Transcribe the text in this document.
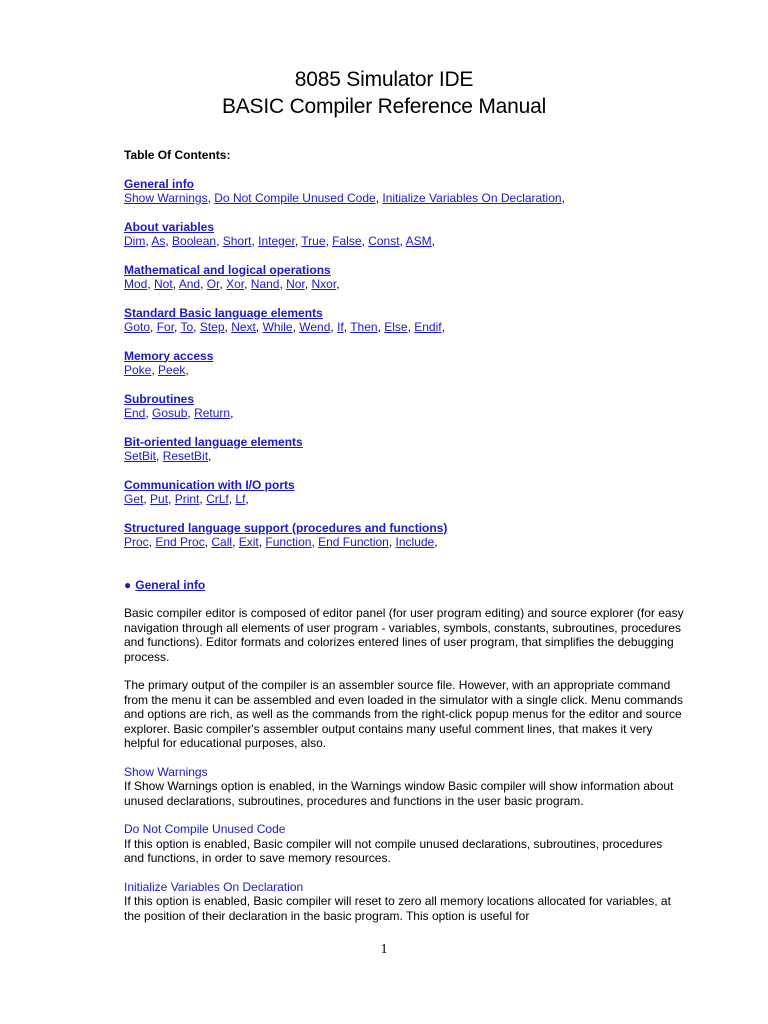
8085 Simulator IDE
BASIC Compiler Reference Manual
Table Of Contents:
General info
Show Warnings, Do Not Compile Unused Code, Initialize Variables On Declaration,
About variables
Dim, As, Boolean, Short, Integer, True, False, Const, ASM,
Mathematical and logical operations
Mod, Not, And, Or, Xor, Nand, Nor, Nxor,
Standard Basic language elements
Goto, For, To, Step, Next, While, Wend, If, Then, Else, Endif,
Memory access
Poke, Peek,
Subroutines
End, Gosub, Return,
Bit-oriented language elements
SetBit, ResetBit,
Communication with I/O ports
Get, Put, Print, CrLf, Lf,
Structured language support (procedures and functions)
Proc, End Proc, Call, Exit, Function, End Function, Include,
● General info

Basic compiler editor is composed of editor panel (for user program editing) and source explorer (for easy navigation through all elements of user program - variables, symbols, constants, subroutines, procedures and functions). Editor formats and colorizes entered lines of user program, that simplifies the debugging process.

The primary output of the compiler is an assembler source file. However, with an appropriate command from the menu it can be assembled and even loaded in the simulator with a single click. Menu commands and options are rich, as well as the commands from the right-click popup menus for the editor and source explorer. Basic compiler's assembler output contains many useful comment lines, that makes it very helpful for educational purposes, also.

Show Warnings
If Show Warnings option is enabled, in the Warnings window Basic compiler will show information about unused declarations, subroutines, procedures and functions in the user basic program.
Do Not Compile Unused Code
If this option is enabled, Basic compiler will not compile unused declarations, subroutines, procedures and functions, in order to save memory resources.
Initialize Variables On Declaration
If this option is enabled, Basic compiler will reset to zero all memory locations allocated for variables, at the position of their declaration in the basic program. This option is useful for
1
